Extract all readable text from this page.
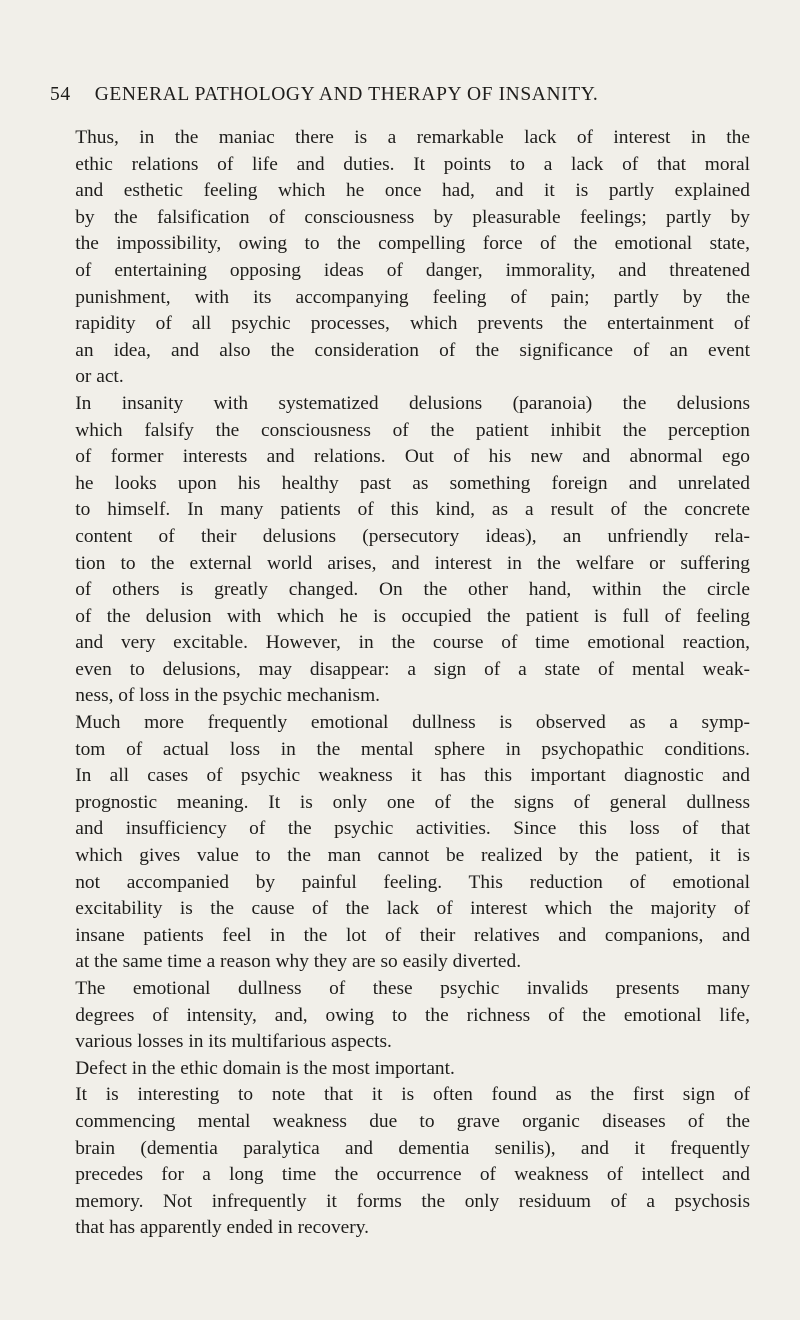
54 GENERAL PATHOLOGY AND THERAPY OF INSANITY.

Thus, in the maniac there is a remarkable lack of interest in the
ethic relations of life and duties. It points to a lack of that moral
and esthetic feeling which he once had, and it is partly explained
by the falsification of consciousness by pleasurable feelings; partly by
the impossibility, owing to the compelling force of the emotional state,
of entertaining opposing ideas of danger, immorality, and threatened
punishment, with its accompanying feeling of pain; partly by the
rapidity of all psychic processes, which prevents the entertainment of
an idea, and also the consideration of the significance of an event
or act.

In insanity with systematized delusions (paranoia) the delusions
which falsify the consciousness of the patient inhibit the perception
of former interests and relations. Out of his new and abnormal ego
he looks upon his healthy past as something foreign and unrelated
to himself. In many patients of this kind, as a result of the concrete
content of their delusions (persecutory ideas), an unfriendly rela-
tion to the external world arises, and interest in the welfare or suffering
of others is greatly changed. On the other hand, within the circle
of the delusion with which he is occupied the patient is full of feeling
and very excitable. However, in the course of time emotional reaction,
even to delusions, may disappear: a sign of a state of mental weak-
ness, of loss in the psychic mechanism.

Much more frequently emotional dullness is observed as a symp-
tom of actual loss in the mental sphere in psychopathic conditions.
In all cases of psychic weakness it has this important diagnostic and
prognostic meaning. It is only one of the signs of general dullness
and insufficiency of the psychic activities. Since this loss of that
which gives value to the man cannot be realized by the patient, it is
not accompanied by painful feeling. This reduction of emotional
excitability is the cause of the lack of interest which the majority of
insane patients feel in the lot of their relatives and companions, and
at the same time a reason why they are so easily diverted.

The emotional dullness of these psychic invalids presents many
degrees of intensity, and, owing to the richness of the emotional life,
various losses in its multifarious aspects.

Defect in the ethic domain is the most important.

It is interesting to note that it is often found as the first sign of
commencing mental weakness due to grave organic diseases of the
brain (dementia paralytica and dementia senilis), and it frequently
precedes for a long time the occurrence of weakness of intellect and
memory. Not infrequently it forms the only residuum of a psychosis
that has apparently ended in recovery.
